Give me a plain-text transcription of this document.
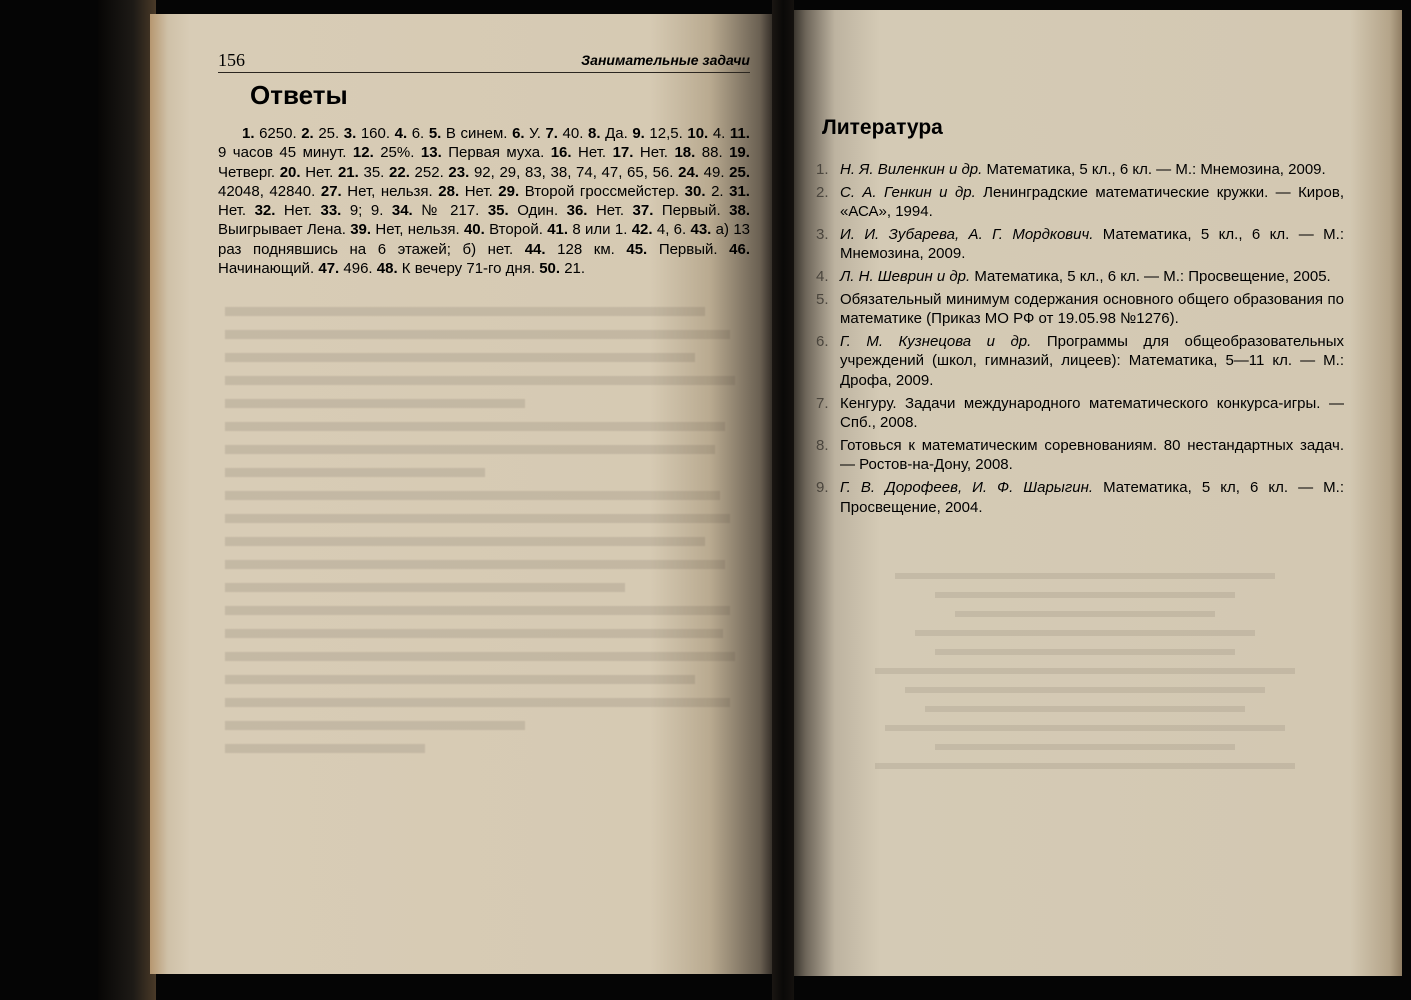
156	Занимательные задачи
Ответы

1. 6250. 2. 25. 3. 160. 4. 6. 5. В синем. 6. У. 7. 40. 8. Да. 9. 12,5. 10. 4. 11. 9 часов 45 минут. 12. 25%. 13. Первая муха. 16. Нет. 17. Нет. 18. 88. 19. Четверг. 20. Нет. 21. 35. 22. 252. 23. 92, 29, 83, 38, 74, 47, 65, 56. 24. 49. 25. 42048, 42840. 27. Нет, нельзя. 28. Нет. 29. Второй гроссмейстер. 30. 2. 31. Нет. 32. Нет. 33. 9; 9. 34. № 217. 35. Один. 36. Нет. 37. Первый. 38. Выигрывает Лена. 39. Нет, нельзя. 40. Второй. 41. 8 или 1. 42. 4, 6. 43. а) 13 раз поднявшись на 6 этажей; б) нет. 44. 128 км. 45. Первый. 46. Начинающий. 47. 496. 48. К вечеру 71-го дня. 50. 21.

Литература
1. Н. Я. Виленкин и др. Математика, 5 кл., 6 кл. — М.: Мнемозина, 2009.
2. С. А. Генкин и др. Ленинградские математические кружки. — Киров, «АСА», 1994.
3. И. И. Зубарева, А. Г. Мордкович. Математика, 5 кл., 6 кл. — М.: Мнемозина, 2009.
4. Л. Н. Шеврин и др. Математика, 5 кл., 6 кл. — М.: Просвещение, 2005.
5. Обязательный минимум содержания основного общего образования по математике (Приказ МО РФ от 19.05.98 №1276).
6. Г. М. Кузнецова и др. Программы для общеобразовательных учреждений (школ, гимназий, лицеев): Математика, 5—11 кл. — М.: Дрофа, 2009.
7. Кенгуру. Задачи международного математического конкурса-игры. — Спб., 2008.
8. Готовься к математическим соревнованиям. 80 нестандартных задач. — Ростов-на-Дону, 2008.
9. Г. В. Дорофеев, И. Ф. Шарыгин. Математика, 5 кл, 6 кл. — М.: Просвещение, 2004.
